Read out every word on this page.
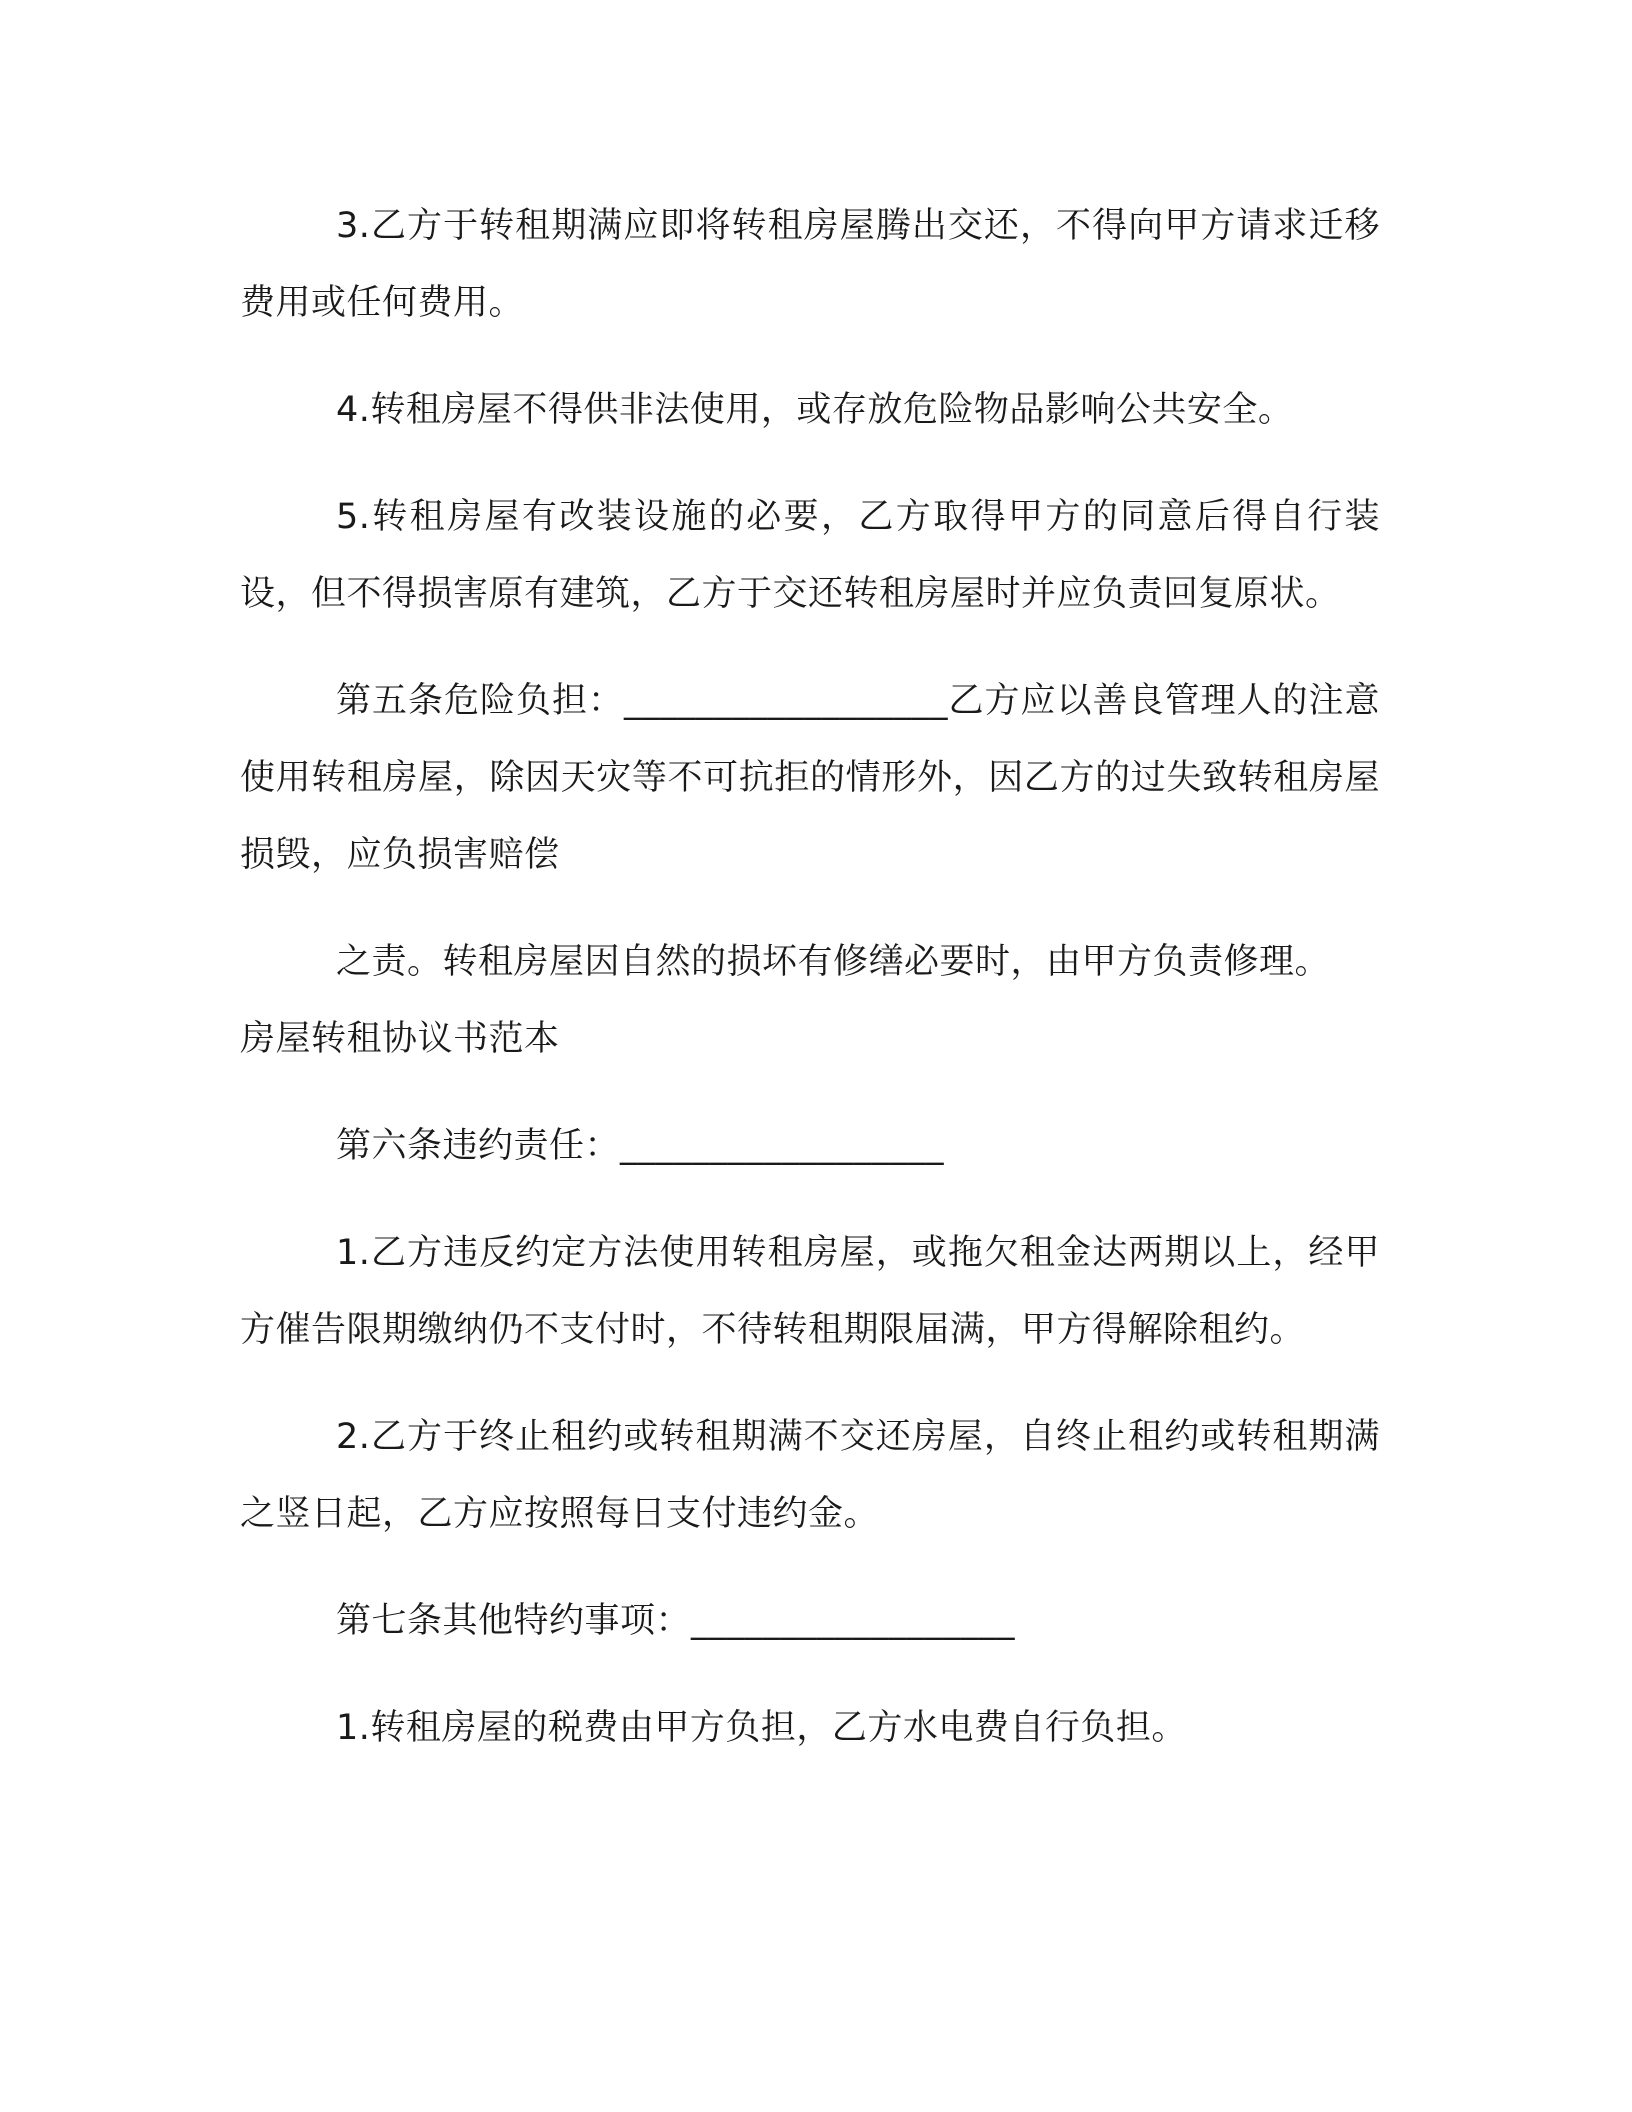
3.乙方于转租期满应即将转租房屋腾出交还，不得向甲方请求迁移费用或任何费用。

4.转租房屋不得供非法使用，或存放危险物品影响公共安全。

5.转租房屋有改装设施的必要，乙方取得甲方的同意后得自行装设，但不得损害原有建筑，乙方于交还转租房屋时并应负责回复原状。

第五条危险负担：__________________乙方应以善良管理人的注意使用转租房屋，除因天灾等不可抗拒的情形外，因乙方的过失致转租房屋损毁，应负损害赔偿

之责。转租房屋因自然的损坏有修缮必要时，由甲方负责修理。

房屋转租协议书范本

第六条违约责任：__________________

1.乙方违反约定方法使用转租房屋，或拖欠租金达两期以上，经甲方催告限期缴纳仍不支付时，不待转租期限届满，甲方得解除租约。

2.乙方于终止租约或转租期满不交还房屋，自终止租约或转租期满之竖日起，乙方应按照每日支付违约金。

第七条其他特约事项：__________________

1.转租房屋的税费由甲方负担，乙方水电费自行负担。
